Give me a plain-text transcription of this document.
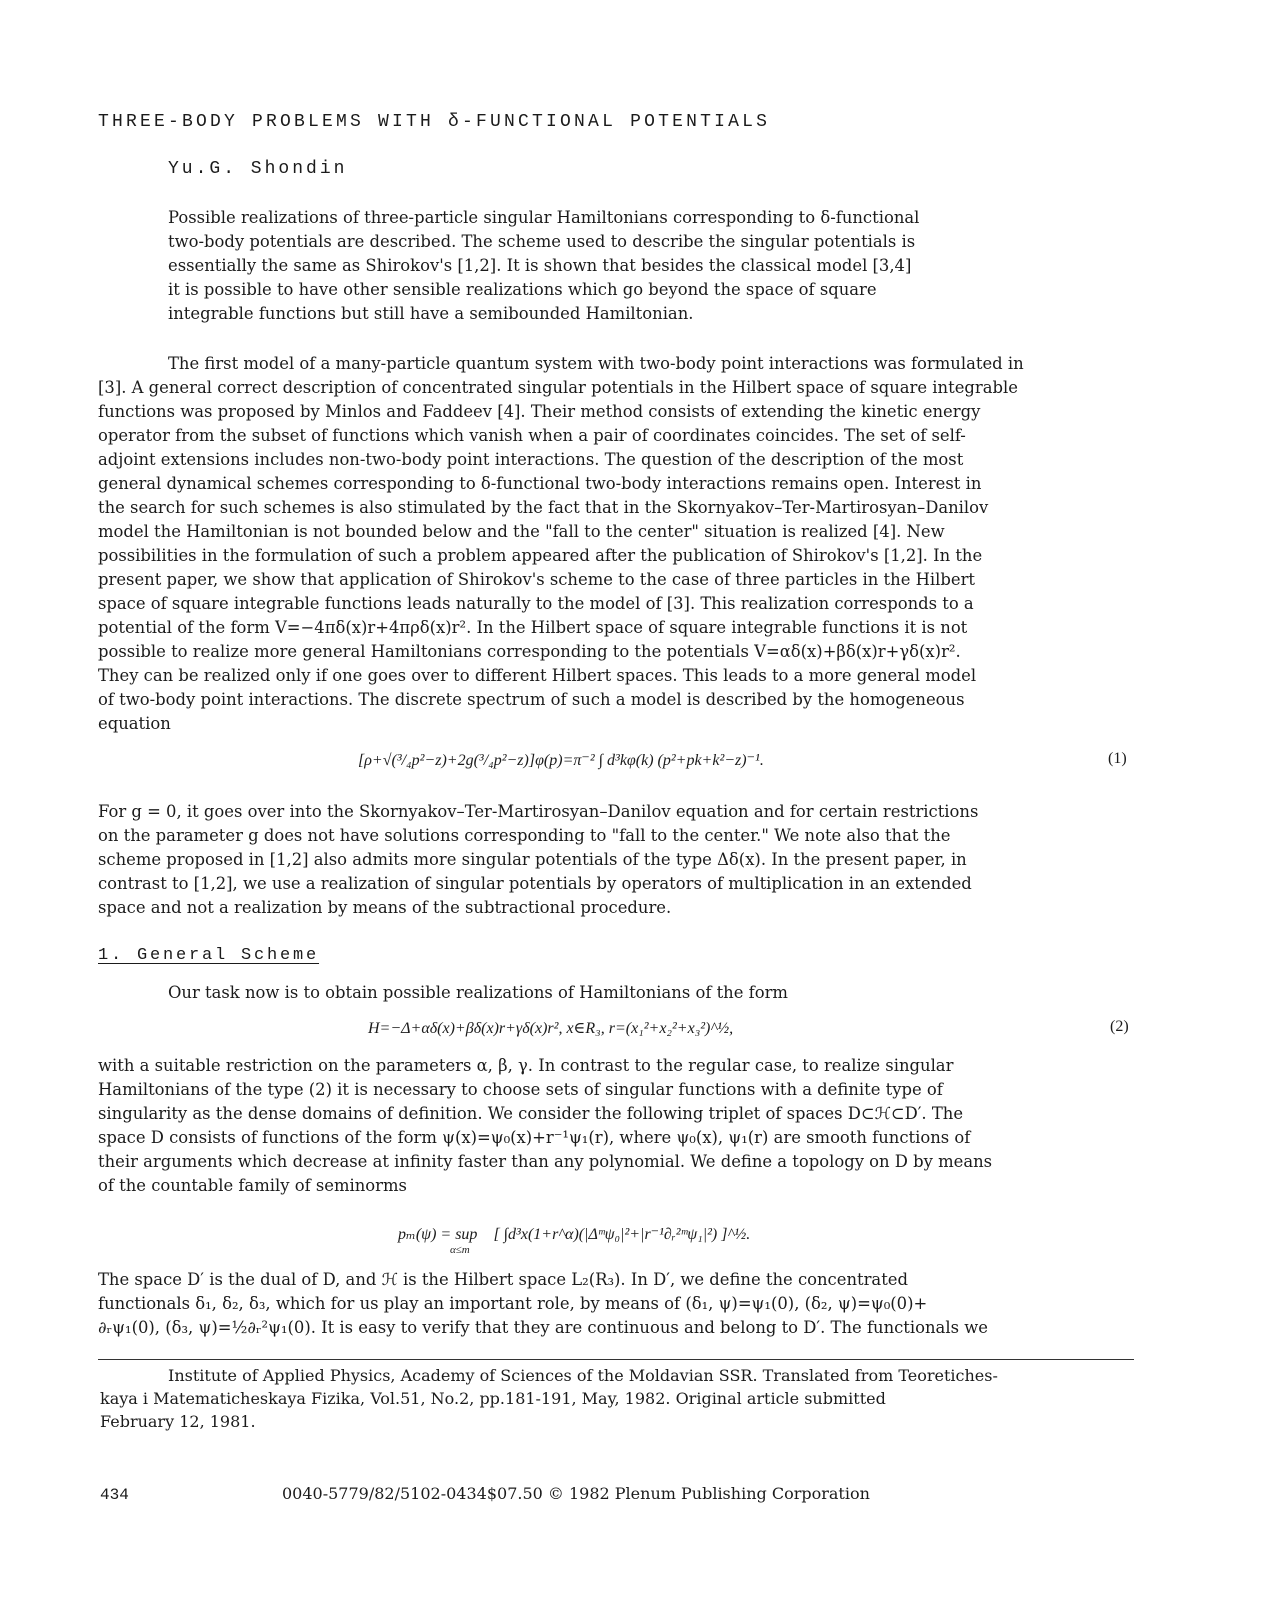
THREE-BODY PROBLEMS WITH δ-FUNCTIONAL POTENTIALS
Yu.G. Shondin
Possible realizations of three-particle singular Hamiltonians corresponding to δ-functional
two-body potentials are described. The scheme used to describe the singular potentials is
essentially the same as Shirokov's [1,2]. It is shown that besides the classical model [3,4]
it is possible to have other sensible realizations which go beyond the space of square
integrable functions but still have a semibounded Hamiltonian.
The first model of a many-particle quantum system with two-body point interactions was formulated in
[3]. A general correct description of concentrated singular potentials in the Hilbert space of square integrable
functions was proposed by Minlos and Faddeev [4]. Their method consists of extending the kinetic energy
operator from the subset of functions which vanish when a pair of coordinates coincides. The set of self-
adjoint extensions includes non-two-body point interactions. The question of the description of the most
general dynamical schemes corresponding to δ-functional two-body interactions remains open. Interest in
the search for such schemes is also stimulated by the fact that in the Skornyakov–Ter-Martirosyan–Danilov
model the Hamiltonian is not bounded below and the "fall to the center" situation is realized [4]. New
possibilities in the formulation of such a problem appeared after the publication of Shirokov's [1,2]. In the
present paper, we show that application of Shirokov's scheme to the case of three particles in the Hilbert
space of square integrable functions leads naturally to the model of [3]. This realization corresponds to a
potential of the form V=−4πδ(x)r+4πρδ(x)r². In the Hilbert space of square integrable functions it is not
possible to realize more general Hamiltonians corresponding to the potentials V=αδ(x)+βδ(x)r+γδ(x)r².
They can be realized only if one goes over to different Hilbert spaces. This leads to a more general model
of two-body point interactions. The discrete spectrum of such a model is described by the homogeneous
equation
[ρ+√(³/₄p²−z)+2g(³/₄p²−z)]φ(p)=π⁻² ∫ d³kφ(k) (p²+pk+k²−z)⁻¹.	(1)
For g = 0, it goes over into the Skornyakov–Ter-Martirosyan–Danilov equation and for certain restrictions
on the parameter g does not have solutions corresponding to "fall to the center." We note also that the
scheme proposed in [1,2] also admits more singular potentials of the type Δδ(x). In the present paper, in
contrast to [1,2], we use a realization of singular potentials by operators of multiplication in an extended
space and not a realization by means of the subtractional procedure.
1. General Scheme
Our task now is to obtain possible realizations of Hamiltonians of the form
H=−Δ+αδ(x)+βδ(x)r+γδ(x)r², x∈R₃, r=(x₁²+x₂²+x₃²)^½,	(2)
with a suitable restriction on the parameters α, β, γ. In contrast to the regular case, to realize singular
Hamiltonians of the type (2) it is necessary to choose sets of singular functions with a definite type of
singularity as the dense domains of definition. We consider the following triplet of spaces D⊂ℋ⊂D′. The
space D consists of functions of the form ψ(x)=ψ₀(x)+r⁻¹ψ₁(r), where ψ₀(x), ψ₁(r) are smooth functions of
their arguments which decrease at infinity faster than any polynomial. We define a topology on D by means
of the countable family of seminorms
pₘ(ψ) = sup
α≤m
[ ∫d³x(1+r^α)(|Δᵐψ₀|²+|r⁻¹∂ᵣ²ᵐψ₁|²) ]^½.
The space D′ is the dual of D, and ℋ is the Hilbert space L₂(R₃). In D′, we define the concentrated
functionals δ₁, δ₂, δ₃, which for us play an important role, by means of (δ₁, ψ)=ψ₁(0), (δ₂, ψ)=ψ₀(0)+
∂ᵣψ₁(0), (δ₃, ψ)=½∂ᵣ²ψ₁(0). It is easy to verify that they are continuous and belong to D′. The functionals we
Institute of Applied Physics, Academy of Sciences of the Moldavian SSR. Translated from Teoretiches-
kaya i Matematicheskaya Fizika, Vol.51, No.2, pp.181-191, May, 1982. Original article submitted
February 12, 1981.
434	0040-5779/82/5102-0434$07.50 © 1982 Plenum Publishing Corporation
